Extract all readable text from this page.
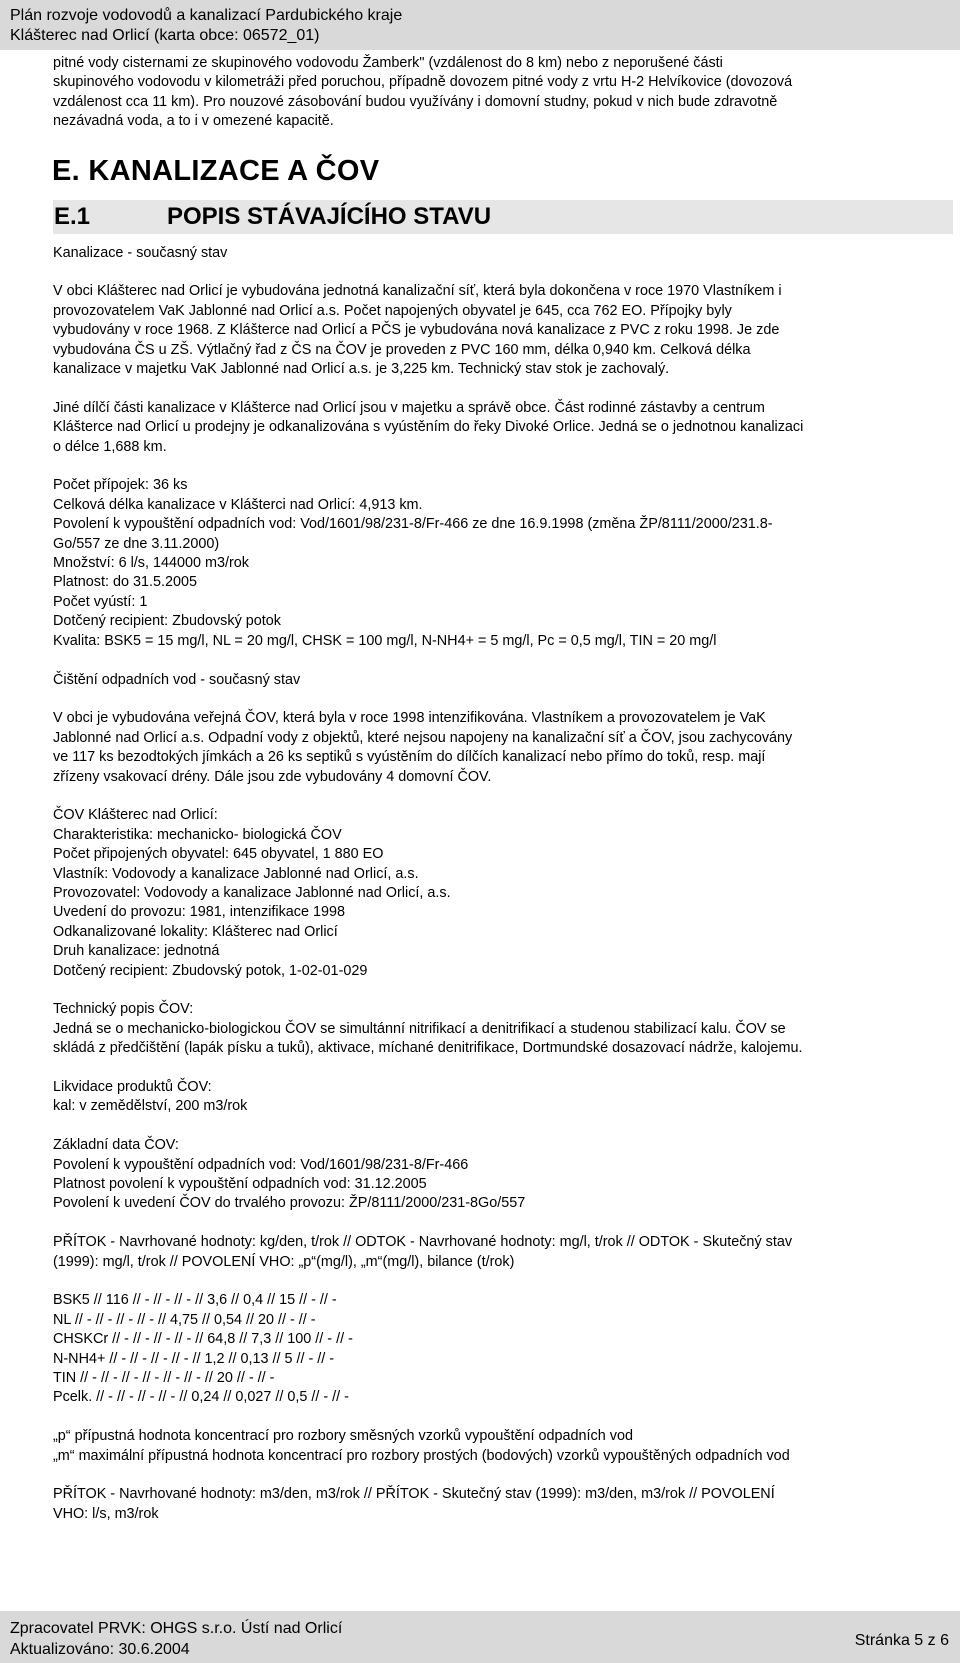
Plán rozvoje vodovodů a kanalizací Pardubického kraje
Klášterec nad Orlicí (karta obce: 06572_01)

pitné vody cisternami ze skupinového vodovodu Žamberk" (vzdálenost do 8 km) nebo z neporušené části

skupinového vodovodu v kilometráži před poruchou, případně dovozem pitné vody z vrtu H-2 Helvíkovice (dovozová

vzdálenost cca 11 km). Pro nouzové zásobování budou využívány i domovní studny, pokud v nich bude zdravotně

nezávadná voda, a to i v omezené kapacitě.

E. KANALIZACE A ČOV
E.1	POPIS STÁVAJÍCÍHO STAVU

Kanalizace - současný stav

V obci Klášterec nad Orlicí je vybudována jednotná kanalizační síť, která byla dokončena v roce 1970 Vlastníkem i

provozovatelem VaK Jablonné nad Orlicí a.s. Počet napojených obyvatel je 645, cca 762 EO. Přípojky byly

vybudovány v roce 1968. Z Klášterce nad Orlicí a PČS je vybudována nová kanalizace z PVC z roku 1998. Je zde

vybudována ČS u ZŠ. Výtlačný řad z ČS na ČOV je proveden z PVC 160 mm, délka 0,940 km. Celková délka

kanalizace v majetku VaK Jablonné nad Orlicí a.s. je 3,225 km. Technický stav stok je zachovalý.

Jiné dílčí části kanalizace v Klášterce nad Orlicí jsou v majetku a správě obce. Část rodinné zástavby a centrum

Klášterce nad Orlicí u prodejny je odkanalizována s vyústěním do řeky Divoké Orlice. Jedná se o jednotnou kanalizaci

o délce 1,688 km.

Počet přípojek: 36 ks

Celková délka kanalizace v Klášterci nad Orlicí: 4,913 km.

Povolení k vypouštění odpadních vod: Vod/1601/98/231-8/Fr-466 ze dne 16.9.1998 (změna ŽP/8111/2000/231.8-

Go/557 ze dne 3.11.2000)

Množství: 6 l/s, 144000 m3/rok

Platnost: do 31.5.2005

Počet vyústí: 1

Dotčený recipient: Zbudovský potok

Kvalita: BSK5 = 15 mg/l, NL = 20 mg/l, CHSK = 100 mg/l, N-NH4+ = 5 mg/l, Pc = 0,5 mg/l, TIN = 20 mg/l

Čištění odpadních vod - současný stav

V obci je vybudována veřejná ČOV, která byla v roce 1998 intenzifikována. Vlastníkem a provozovatelem je VaK

Jablonné nad Orlicí a.s. Odpadní vody z objektů, které nejsou napojeny na kanalizační síť a ČOV, jsou zachycovány

ve 117 ks bezodtokých jímkách a 26 ks septiků s vyústěním do dílčích kanalizací nebo přímo do toků, resp. mají

zřízeny vsakovací drény. Dále jsou zde vybudovány 4 domovní ČOV.

ČOV Klášterec nad Orlicí:

Charakteristika: mechanicko- biologická ČOV

Počet připojených obyvatel: 645 obyvatel, 1 880 EO

Vlastník: Vodovody a kanalizace Jablonné nad Orlicí, a.s.

Provozovatel: Vodovody a kanalizace Jablonné nad Orlicí, a.s.

Uvedení do provozu: 1981, intenzifikace 1998

Odkanalizované lokality: Klášterec nad Orlicí

Druh kanalizace: jednotná

Dotčený recipient: Zbudovský potok, 1-02-01-029

Technický popis ČOV:

Jedná se o mechanicko-biologickou ČOV se simultánní nitrifikací a denitrifikací a studenou stabilizací kalu. ČOV se

skládá z předčištění (lapák písku a tuků), aktivace, míchané denitrifikace, Dortmundské dosazovací nádrže, kalojemu.

Likvidace produktů ČOV:

kal: v zemědělství, 200 m3/rok

Základní data ČOV:

Povolení k vypouštění odpadních vod: Vod/1601/98/231-8/Fr-466

Platnost povolení k vypouštění odpadních vod: 31.12.2005

Povolení k uvedení ČOV do trvalého provozu: ŽP/8111/2000/231-8Go/557

PŘÍTOK - Navrhované hodnoty: kg/den, t/rok // ODTOK - Navrhované hodnoty: mg/l, t/rok // ODTOK - Skutečný stav

(1999): mg/l, t/rok // POVOLENÍ VHO: „p“(mg/l), „m“(mg/l), bilance (t/rok)

BSK5 // 116 // - // - // - // 3,6 // 0,4 // 15 // - // -

NL // - // - // - // - // 4,75 // 0,54 // 20 // - // -

CHSKCr // - // - // - // - // 64,8 // 7,3 // 100 // - // -

N-NH4+ // - // - // - // - // 1,2 // 0,13 // 5 // - // -

TIN // - // - // - // - // - // - // 20 // - // -

Pcelk. // - // - // - // - // 0,24 // 0,027 // 0,5 // - // -

„p“ přípustná hodnota koncentrací pro rozbory směsných vzorků vypouštění odpadních vod

„m“ maximální přípustná hodnota koncentrací pro rozbory prostých (bodových) vzorků vypouštěných odpadních vod

PŘÍTOK - Navrhované hodnoty: m3/den, m3/rok // PŘÍTOK - Skutečný stav (1999): m3/den, m3/rok // POVOLENÍ

VHO: l/s, m3/rok

Zpracovatel PRVK: OHGS s.r.o. Ústí nad Orlicí
Aktualizováno: 30.6.2004
Stránka 5 z 6
